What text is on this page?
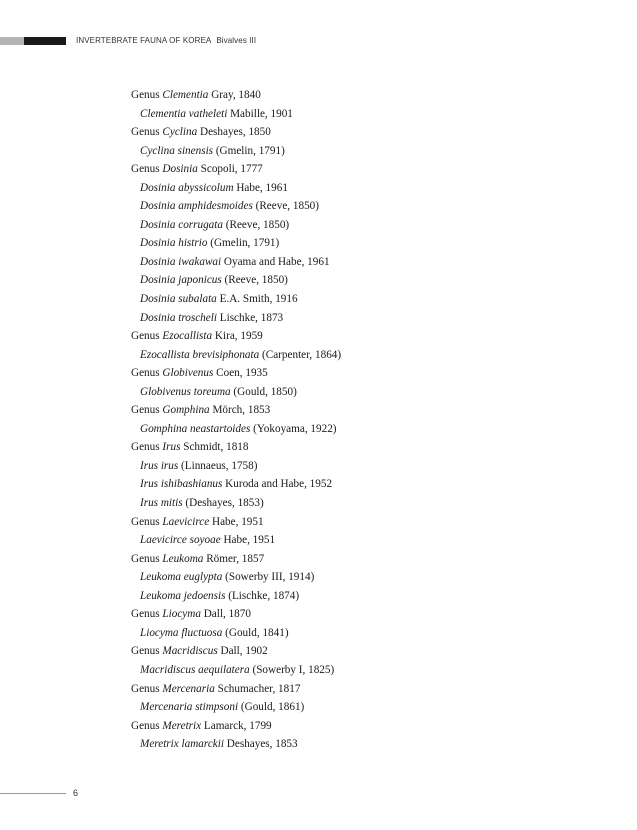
INVERTEBRATE FAUNA OF KOREA Bivalves III
Genus Clementia Gray, 1840
Clementia vatheleti Mabille, 1901
Genus Cyclina Deshayes, 1850
Cyclina sinensis (Gmelin, 1791)
Genus Dosinia Scopoli, 1777
Dosinia abyssicolum Habe, 1961
Dosinia amphidesmoides (Reeve, 1850)
Dosinia corrugata (Reeve, 1850)
Dosinia histrio (Gmelin, 1791)
Dosinia iwakawai Oyama and Habe, 1961
Dosinia japonicus (Reeve, 1850)
Dosinia subalata E.A. Smith, 1916
Dosinia troscheli Lischke, 1873
Genus Ezocallista Kira, 1959
Ezocallista brevisiphonata (Carpenter, 1864)
Genus Globivenus Coen, 1935
Globivenus toreuma (Gould, 1850)
Genus Gomphina Mörch, 1853
Gomphina neastartoides (Yokoyama, 1922)
Genus Irus Schmidt, 1818
Irus irus (Linnaeus, 1758)
Irus ishibashianus Kuroda and Habe, 1952
Irus mitis (Deshayes, 1853)
Genus Laevicirce Habe, 1951
Laevicirce soyoae Habe, 1951
Genus Leukoma Römer, 1857
Leukoma euglypta (Sowerby III, 1914)
Leukoma jedoensis (Lischke, 1874)
Genus Liocyma Dall, 1870
Liocyma fluctuosa (Gould, 1841)
Genus Macridiscus Dall, 1902
Macridiscus aequilatera (Sowerby I, 1825)
Genus Mercenaria Schumacher, 1817
Mercenaria stimpsoni (Gould, 1861)
Genus Meretrix Lamarck, 1799
Meretrix lamarckii Deshayes, 1853
6
